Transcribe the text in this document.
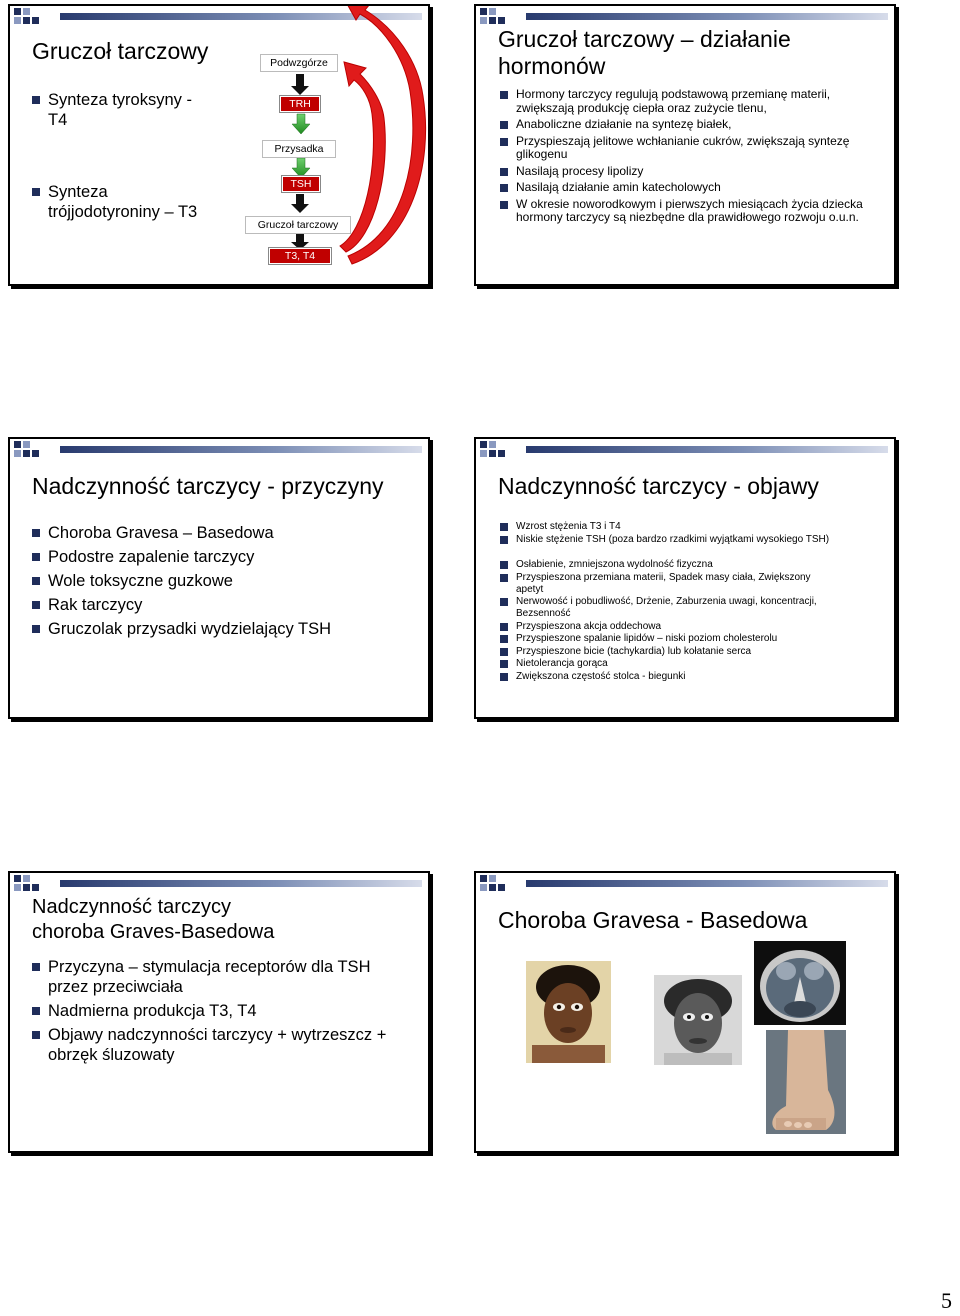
Gruczoł tarczowy
Synteza tyroksyny - T4
Synteza trójjodotyroniny – T3
Podwzgórze
TRH
Przysadka
TSH
Gruczoł tarczowy
T3, T4
Gruczoł tarczowy – działanie hormonów
Hormony tarczycy regulują podstawową przemianę materii, zwiększają produkcję ciepła oraz zużycie tlenu,
Anaboliczne działanie na syntezę białek,
Przyspieszają jelitowe wchłanianie cukrów, zwiększają syntezę glikogenu
Nasilają procesy lipolizy
Nasilają działanie amin katecholowych
W okresie noworodkowym i pierwszych miesiącach życia dziecka hormony tarczycy są niezbędne dla prawidłowego rozwoju o.u.n.
Nadczynność tarczycy - przyczyny
Choroba Gravesa – Basedowa
Podostre zapalenie tarczycy
Wole toksyczne guzkowe
Rak tarczycy
Gruczolak przysadki wydzielający TSH
Nadczynność tarczycy - objawy
Wzrost stężenia T3 i T4
Niskie stężenie TSH (poza bardzo rzadkimi wyjątkami wysokiego TSH)
Osłabienie, zmniejszona wydolność fizyczna
Przyspieszona przemiana materii, Spadek masy ciała, Zwiększony apetyt
Nerwowość i pobudliwość, Drżenie, Zaburzenia uwagi, koncentracji, Bezsenność
Przyspieszona akcja oddechowa
Przyspieszone spalanie lipidów – niski poziom cholesterolu
Przyspieszone bicie (tachykardia) lub kołatanie serca
Nietolerancja gorąca
Zwiększona częstość stolca - biegunki
Nadczynność tarczycy
choroba Graves-Basedowa
Przyczyna – stymulacja receptorów dla TSH przez przeciwciała
Nadmierna produkcja T3, T4
Objawy nadczynności tarczycy + wytrzeszcz + obrzęk śluzowaty
Choroba Gravesa - Basedowa
5
